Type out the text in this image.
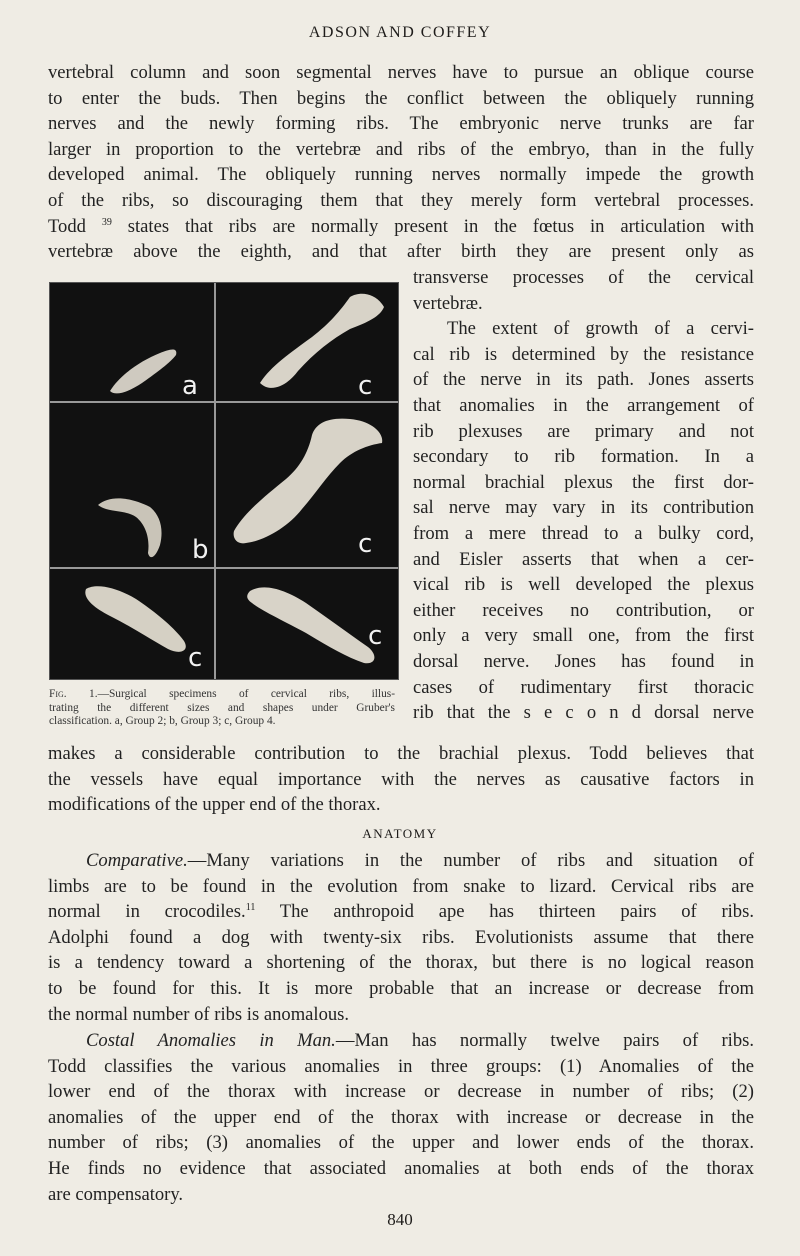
ADSON AND COFFEY
vertebral column and soon segmental nerves have to pursue an oblique course
to enter the buds. Then begins the conflict between the obliquely running
nerves and the newly forming ribs. The embryonic nerve trunks are far
larger in proportion to the vertebræ and ribs of the embryo, than in the fully
developed animal. The obliquely running nerves normally impede the growth
of the ribs, so discouraging them that they merely form vertebral processes.
Todd $^{39}$ states that ribs are normally present in the fœtus in articulation with
vertebræ above the eighth, and that after birth they are present only as
a	c
c
b
c
c
Fig. 1.—Surgical specimens of cervical ribs, illus-
trating the different sizes and shapes under Gruber's
classification. a, Group 2; b, Group 3; c, Group 4.
transverse processes of the cervical
vertebræ.
The extent of growth of a cervi-
cal rib is determined by the resistance
of the nerve in its path. Jones asserts
that anomalies in the arrangement of
rib plexuses are primary and not
secondary to rib formation. In a
normal brachial plexus the first dor-
sal nerve may vary in its contribution
from a mere thread to a bulky cord,
and Eisler asserts that when a cer-
vical rib is well developed the plexus
either receives no contribution, or
only a very small one, from the first
dorsal nerve. Jones has found in
cases of rudimentary first thoracic
rib that the s e c o n d dorsal nerve
makes a considerable contribution to the brachial plexus. Todd believes that
the vessels have equal importance with the nerves as causative factors in
modifications of the upper end of the thorax.
ANATOMY
Comparative.—Many variations in the number of ribs and situation of
limbs are to be found in the evolution from snake to lizard. Cervical ribs are
normal in crocodiles.$^{11}$ The anthropoid ape has thirteen pairs of ribs.
Adolphi found a dog with twenty-six ribs. Evolutionists assume that there
is a tendency toward a shortening of the thorax, but there is no logical reason
to be found for this. It is more probable that an increase or decrease from
the normal number of ribs is anomalous.
Costal Anomalies in Man.—Man has normally twelve pairs of ribs.
Todd classifies the various anomalies in three groups: (1) Anomalies of the
lower end of the thorax with increase or decrease in number of ribs; (2)
anomalies of the upper end of the thorax with increase or decrease in the
number of ribs; (3) anomalies of the upper and lower ends of the thorax.
He finds no evidence that associated anomalies at both ends of the thorax
are compensatory.
840
